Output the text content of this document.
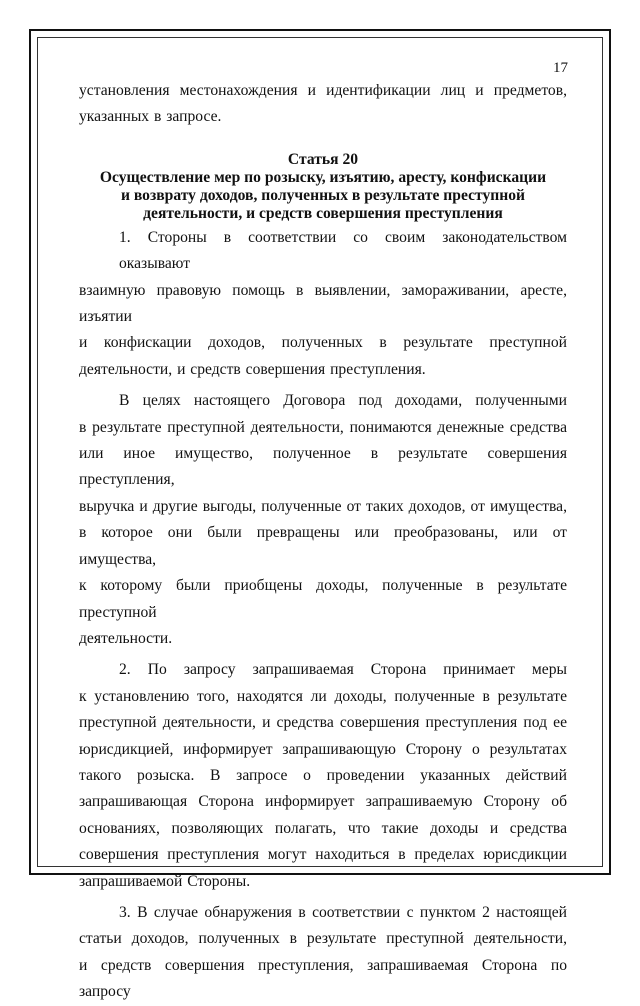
17

установления местонахождения и идентификации лиц и предметов,
указанных в запросе.

Статья 20
Осуществление мер по розыску, изъятию, аресту, конфискации
и возврату доходов, полученных в результате преступной
деятельности, и средств совершения преступления

1. Стороны в соответствии со своим законодательством оказывают
взаимную правовую помощь в выявлении, замораживании, аресте, изъятии
и конфискации доходов, полученных в результате преступной
деятельности, и средств совершения преступления.

В целях настоящего Договора под доходами, полученными
в результате преступной деятельности, понимаются денежные средства
или иное имущество, полученное в результате совершения преступления,
выручка и другие выгоды, полученные от таких доходов, от имущества,
в которое они были превращены или преобразованы, или от имущества,
к которому были приобщены доходы, полученные в результате преступной
деятельности.

2. По запросу запрашиваемая Сторона принимает меры
к установлению того, находятся ли доходы, полученные в результате
преступной деятельности, и средства совершения преступления под ее
юрисдикцией, информирует запрашивающую Сторону о результатах
такого розыска. В запросе о проведении указанных действий
запрашивающая Сторона информирует запрашиваемую Сторону об
основаниях, позволяющих полагать, что такие доходы и средства
совершения преступления могут находиться в пределах юрисдикции
запрашиваемой Стороны.

3. В случае обнаружения в соответствии с пунктом 2 настоящей
статьи доходов, полученных в результате преступной деятельности,
и средств совершения преступления, запрашиваемая Сторона по запросу
